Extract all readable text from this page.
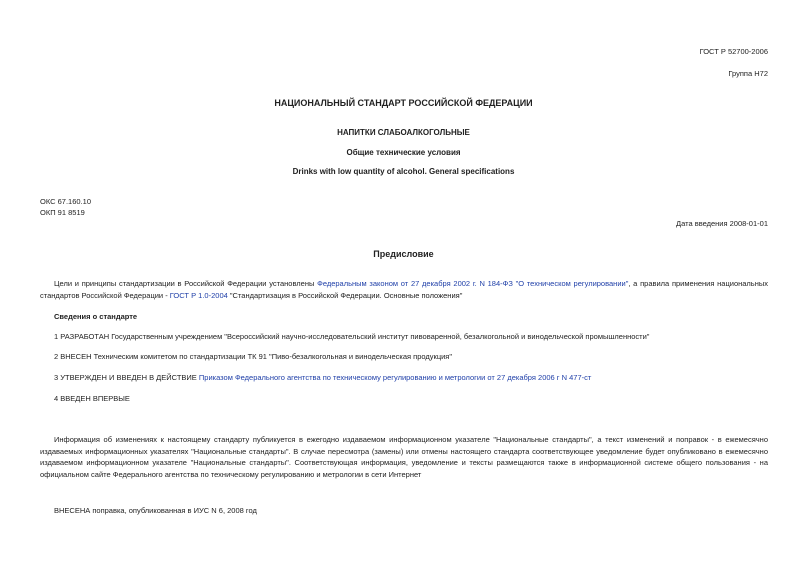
ГОСТ Р 52700-2006
Группа Н72
НАЦИОНАЛЬНЫЙ СТАНДАРТ РОССИЙСКОЙ ФЕДЕРАЦИИ
НАПИТКИ СЛАБОАЛКОГОЛЬНЫЕ
Общие технические условия
Drinks with low quantity of alcohol. General specifications
ОКС 67.160.10
ОКП 91 8519
Дата введения 2008-01-01
Предисловие
Цели и принципы стандартизации в Российской Федерации установлены Федеральным законом от 27 декабря 2002 г. N 184-ФЗ "О техническом регулировании", а правила применения национальных стандартов Российской Федерации - ГОСТ Р 1.0-2004 "Стандартизация в Российской Федерации. Основные положения"
Сведения о стандарте
1 РАЗРАБОТАН Государственным учреждением "Всероссийский научно-исследовательский институт пивоваренной, безалкогольной и винодельческой промышленности"
2 ВНЕСЕН Техническим комитетом по стандартизации ТК 91 "Пиво-безалкогольная и винодельческая продукция"
3 УТВЕРЖДЕН И ВВЕДЕН В ДЕЙСТВИЕ Приказом Федерального агентства по техническому регулированию и метрологии от 27 декабря 2006 г N 477-ст
4 ВВЕДЕН ВПЕРВЫЕ
Информация об изменениях к настоящему стандарту публикуется в ежегодно издаваемом информационном указателе "Национальные стандарты", а текст изменений и поправок - в ежемесячно издаваемых информационных указателях "Национальные стандарты". В случае пересмотра (замены) или отмены настоящего стандарта соответствующее уведомление будет опубликовано в ежемесячно издаваемом информационном указателе "Национальные стандарты". Соответствующая информация, уведомление и тексты размещаются также в информационной системе общего пользования - на официальном сайте Федерального агентства по техническому регулированию и метрологии в сети Интернет
ВНЕСЕНА поправка, опубликованная в ИУС N 6, 2008 год
